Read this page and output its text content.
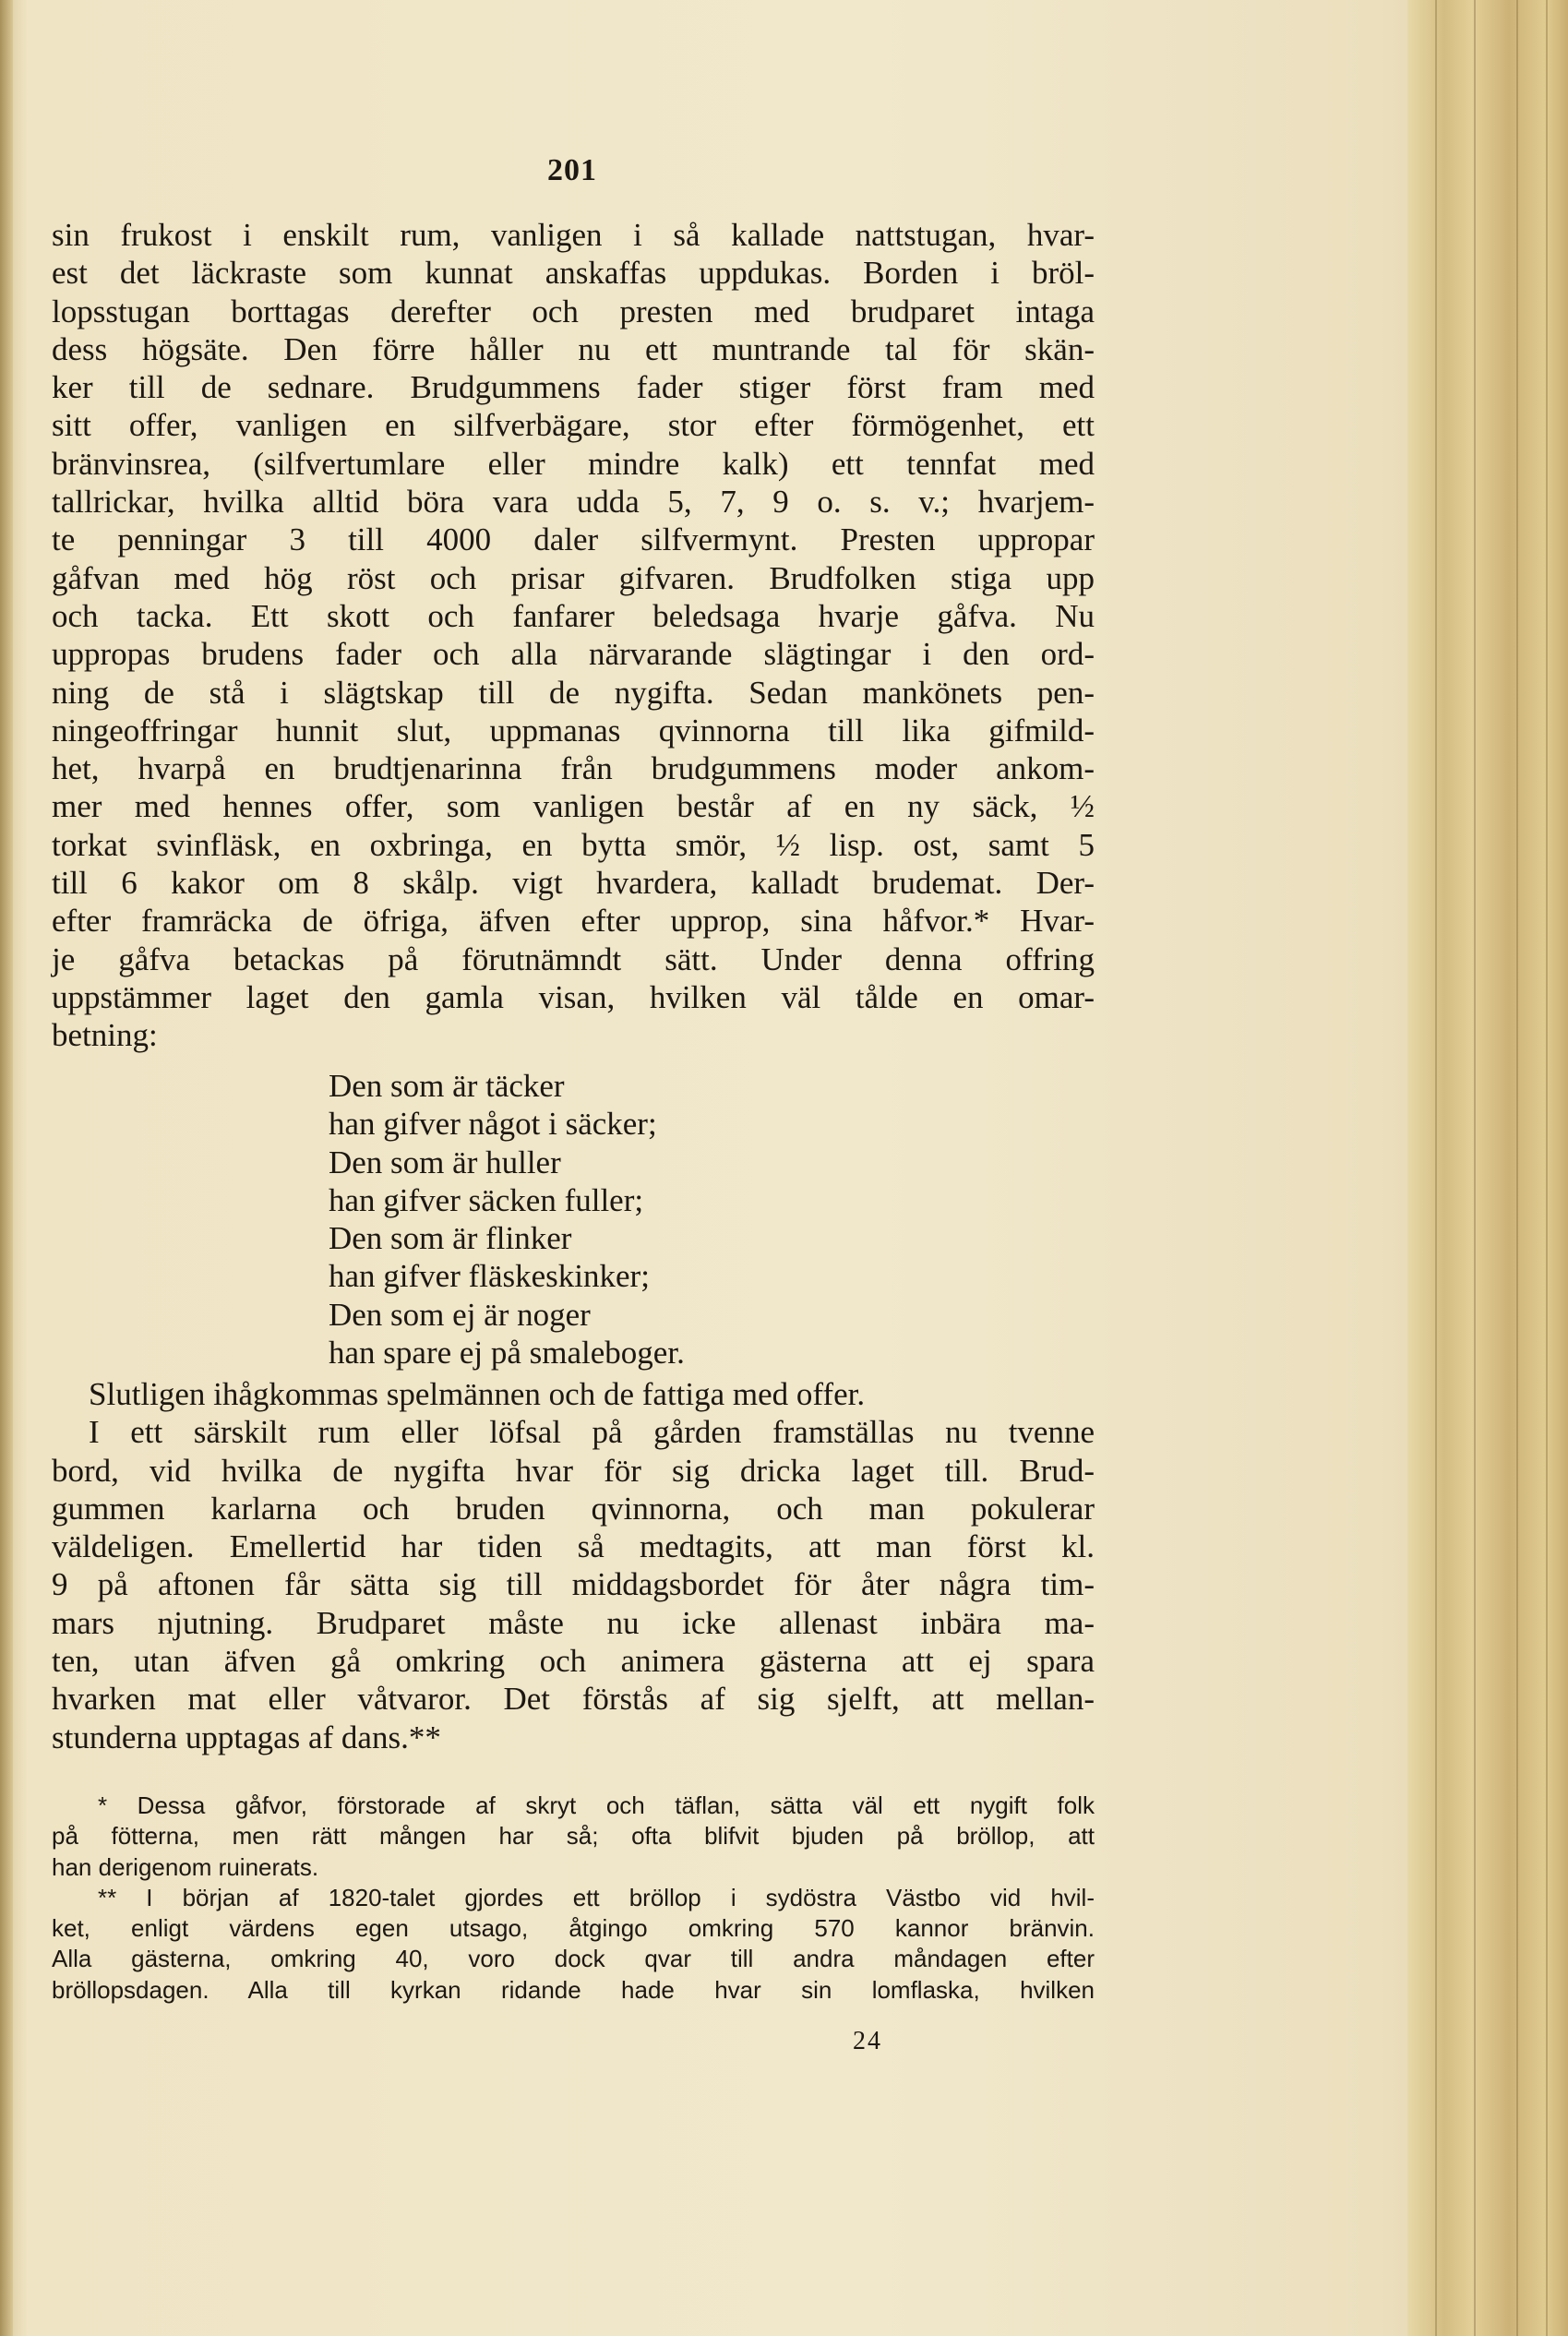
201
sin frukost i enskilt rum, vanligen i så kallade nattstugan, hvar-
est det läckraste som kunnat anskaffas uppdukas. Borden i bröl-
lopsstugan borttagas derefter och presten med brudparet intaga
dess högsäte. Den förre håller nu ett muntrande tal för skän-
ker till de sednare. Brudgummens fader stiger först fram med
sitt offer, vanligen en silfverbägare, stor efter förmögenhet, ett
bränvinsrea, (silfvertumlare eller mindre kalk) ett tennfat med
tallrickar, hvilka alltid böra vara udda 5, 7, 9 o. s. v.; hvarjem-
te penningar 3 till 4000 daler silfvermynt. Presten uppropar
gåfvan med hög röst och prisar gifvaren. Brudfolken stiga upp
och tacka. Ett skott och fanfarer beledsaga hvarje gåfva. Nu
uppropas brudens fader och alla närvarande slägtingar i den ord-
ning de stå i slägtskap till de nygifta. Sedan mankönets pen-
ningeoffringar hunnit slut, uppmanas qvinnorna till lika gifmild-
het, hvarpå en brudtjenarinna från brudgummens moder ankom-
mer med hennes offer, som vanligen består af en ny säck, ½
torkat svinfläsk, en oxbringa, en bytta smör, ½ lisp. ost, samt 5
till 6 kakor om 8 skålp. vigt hvardera, kalladt brudemat. Der-
efter framräcka de öfriga, äfven efter upprop, sina håfvor.* Hvar-
je gåfva betackas på förutnämndt sätt. Under denna offring
uppstämmer laget den gamla visan, hvilken väl tålde en omar-
betning:
Den som är täcker
han gifver något i säcker;
Den som är huller
han gifver säcken fuller;
Den som är flinker
han gifver fläskeskinker;
Den som ej är noger
han spare ej på smaleboger.
Slutligen ihågkommas spelmännen och de fattiga med offer.
I ett särskilt rum eller löfsal på gården framställas nu tvenne
bord, vid hvilka de nygifta hvar för sig dricka laget till. Brud-
gummen karlarna och bruden qvinnorna, och man pokulerar
väldeligen. Emellertid har tiden så medtagits, att man först kl.
9 på aftonen får sätta sig till middagsbordet för åter några tim-
mars njutning. Brudparet måste nu icke allenast inbära ma-
ten, utan äfven gå omkring och animera gästerna att ej spara
hvarken mat eller våtvaror. Det förstås af sig sjelft, att mellan-
stunderna upptagas af dans.**
* Dessa gåfvor, förstorade af skryt och täflan, sätta väl ett nygift folk
på fötterna, men rätt mången har så; ofta blifvit bjuden på bröllop, att
han derigenom ruinerats.
** I början af 1820-talet gjordes ett bröllop i sydöstra Västbo vid hvil-
ket, enligt värdens egen utsago, åtgingo omkring 570 kannor bränvin.
Alla gästerna, omkring 40, voro dock qvar till andra måndagen efter
bröllopsdagen. Alla till kyrkan ridande hade hvar sin lomflaska, hvilken
24
